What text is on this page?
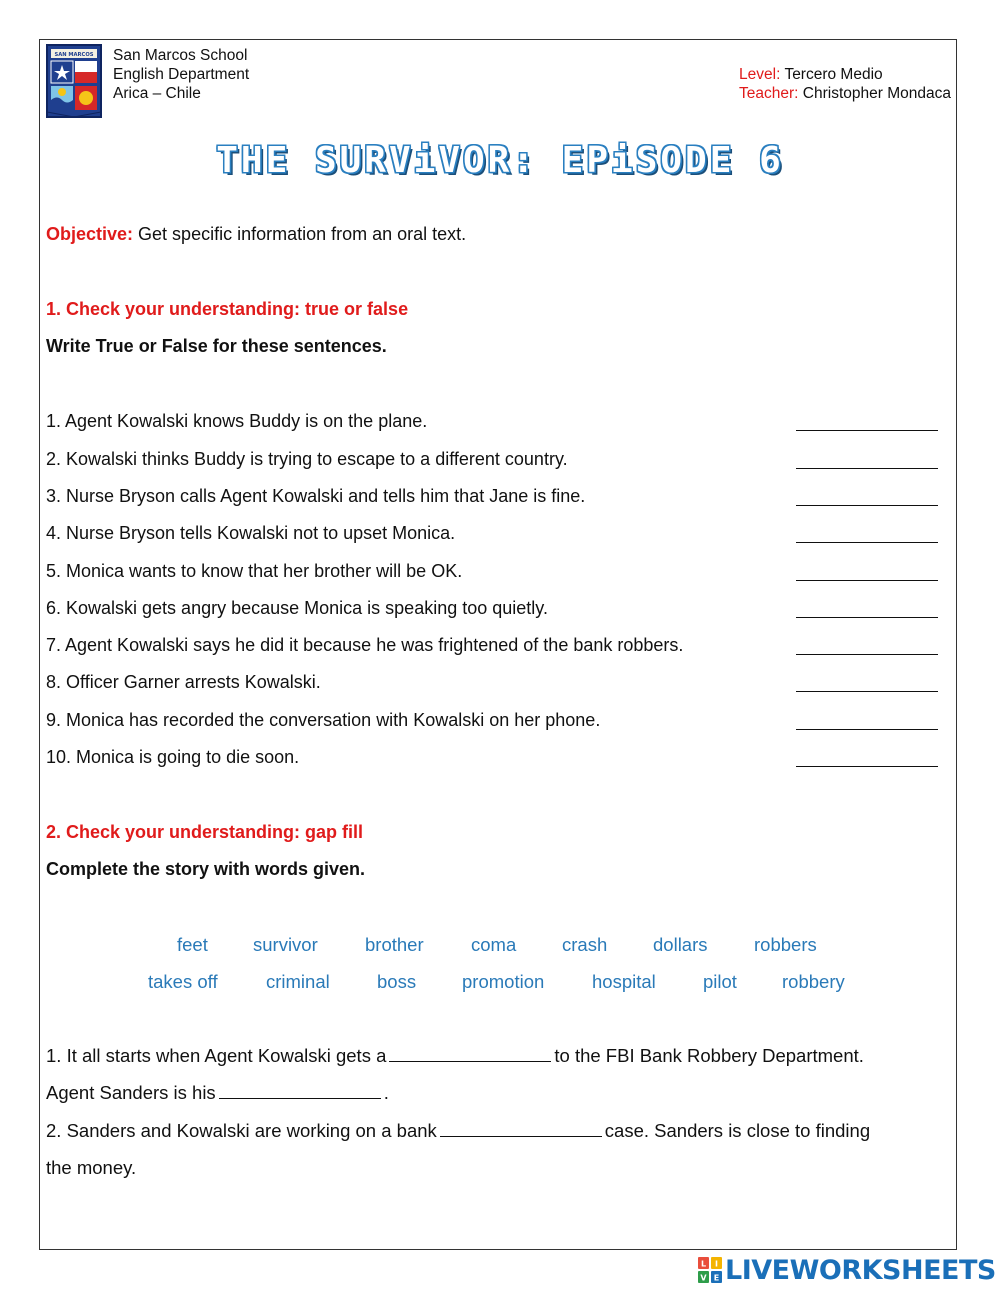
SAN MARCOS San Marcos School
English Department
Arica – Chile
Level: Tercero Medio
Teacher: Christopher Mondaca
THE SURViVOR: EPiSODE 6
Objective: Get specific information from an oral text.
1. Check your understanding: true or false
Write True or False for these sentences.
1. Agent Kowalski knows Buddy is on the plane.
2. Kowalski thinks Buddy is trying to escape to a different country.
3. Nurse Bryson calls Agent Kowalski and tells him that Jane is fine.
4. Nurse Bryson tells Kowalski not to upset Monica.
5. Monica wants to know that her brother will be OK.
6. Kowalski gets angry because Monica is speaking too quietly.
7. Agent Kowalski says he did it because he was frightened of the bank robbers.
8. Officer Garner arrests Kowalski.
9. Monica has recorded the conversation with Kowalski on her phone.
10. Monica is going to die soon.
2. Check your understanding: gap fill
Complete the story with words given.
feet survivor	brother	coma crash dollars	robbers
takes off	criminal	boss promotion	hospital	pilot robbery
1. It all starts when Agent Kowalski gets a	to the FBI Bank Robbery Department.
Agent Sanders is his	.
2. Sanders and Kowalski are working on a bank	case. Sanders is close to finding
the money.
L I
V E LIVEWORKSHEETS
